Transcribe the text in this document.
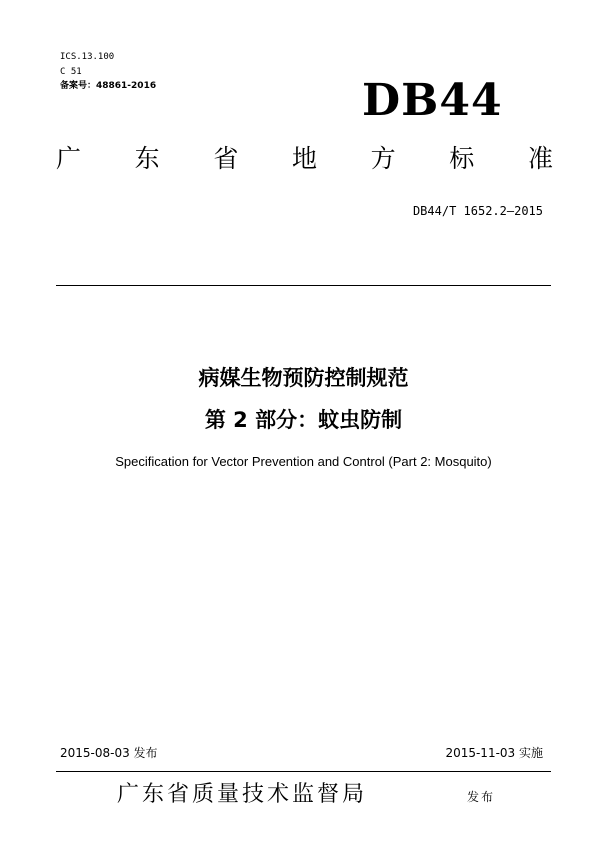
ICS.13.100
C 51
备案号：48861-2016	DB44
广 东 省 地 方 标 准
DB44/T 1652.2—2015
病媒生物预防控制规范
第 2 部分：蚊虫防制
Specification for Vector Prevention and Control (Part 2: Mosquito)
2015-08-03 发布	2015-11-03 实施
广东省质量技术监督局	发布
